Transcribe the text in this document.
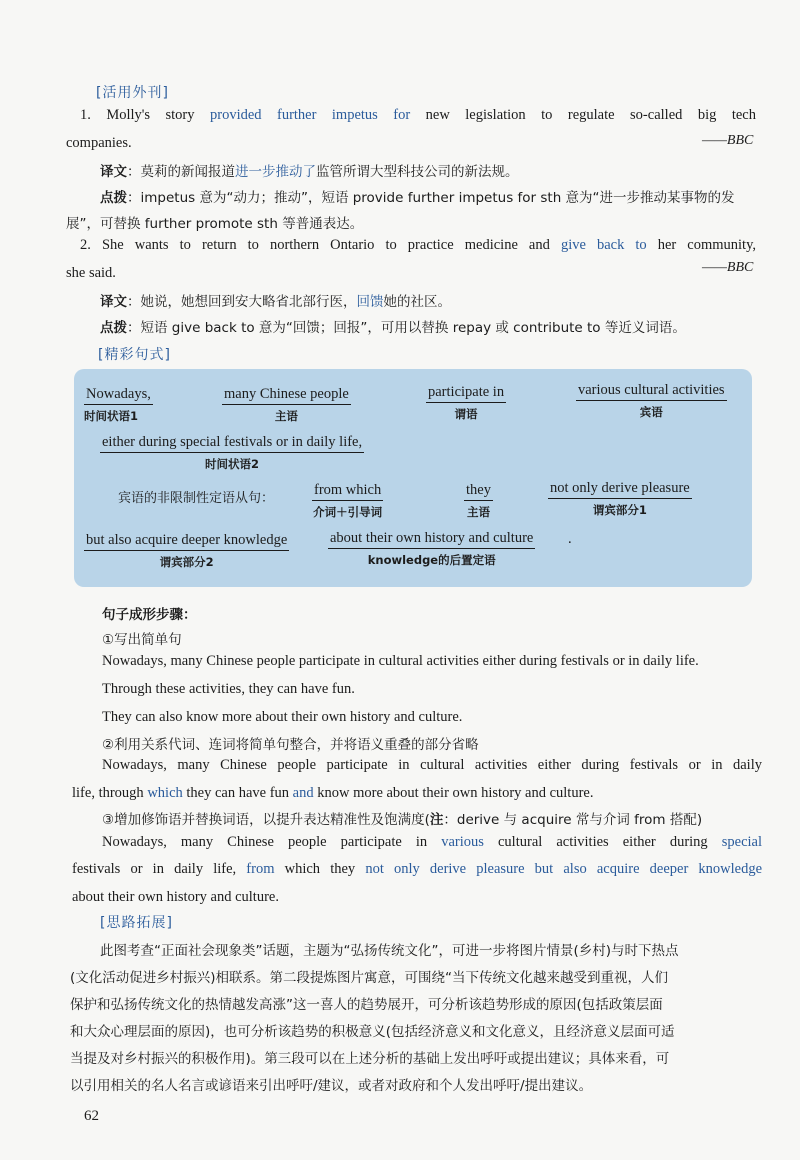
[活用外刊]
1. Molly's story provided further impetus for new legislation to regulate so-called big tech
companies.	——BBC
译文：莫莉的新闻报道进一步推动了监管所谓大型科技公司的新法规。
点拨：impetus 意为“动力；推动”，短语 provide further impetus for sth 意为“进一步推动某事物的发
展”，可替换 further promote sth 等普通表达。
2. She wants to return to northern Ontario to practice medicine and give back to her community,
she said.	——BBC
译文：她说，她想回到安大略省北部行医，回馈她的社区。
点拨：短语 give back to 意为“回馈；回报”，可用以替换 repay 或 contribute to 等近义词语。
[精彩句式]
Nowadays,
时间状语1
many Chinese people
主语
participate in
谓语
various cultural activities
宾语
either during special festivals or in daily life,
时间状语2
宾语的非限制性定语从句：
from which
介词＋引导词
they
主语
not only derive pleasure
谓宾部分1
but also acquire deeper knowledge
谓宾部分2
about their own history and culture
knowledge的后置定语
.
句子成形步骤：
①写出简单句
Nowadays, many Chinese people participate in cultural activities either during festivals or in daily life.
Through these activities, they can have fun.
They can also know more about their own history and culture.
②利用关系代词、连词将简单句整合，并将语义重叠的部分省略
Nowadays, many Chinese people participate in cultural activities either during festivals or in daily
life, through which they can have fun and know more about their own history and culture.
③增加修饰语并替换词语，以提升表达精准性及饱满度(注：derive 与 acquire 常与介词 from 搭配)
Nowadays, many Chinese people participate in various cultural activities either during special
festivals or in daily life, from which they not only derive pleasure but also acquire deeper knowledge
about their own history and culture.
[思路拓展]
此图考查“正面社会现象类”话题，主题为“弘扬传统文化”，可进一步将图片情景(乡村)与时下热点
(文化活动促进乡村振兴)相联系。第二段提炼图片寓意，可围绕“当下传统文化越来越受到重视，人们
保护和弘扬传统文化的热情越发高涨”这一喜人的趋势展开，可分析该趋势形成的原因(包括政策层面
和大众心理层面的原因)，也可分析该趋势的积极意义(包括经济意义和文化意义，且经济意义层面可适
当提及对乡村振兴的积极作用)。第三段可以在上述分析的基础上发出呼吁或提出建议；具体来看，可
以引用相关的名人名言或谚语来引出呼吁/建议，或者对政府和个人发出呼吁/提出建议。
62
